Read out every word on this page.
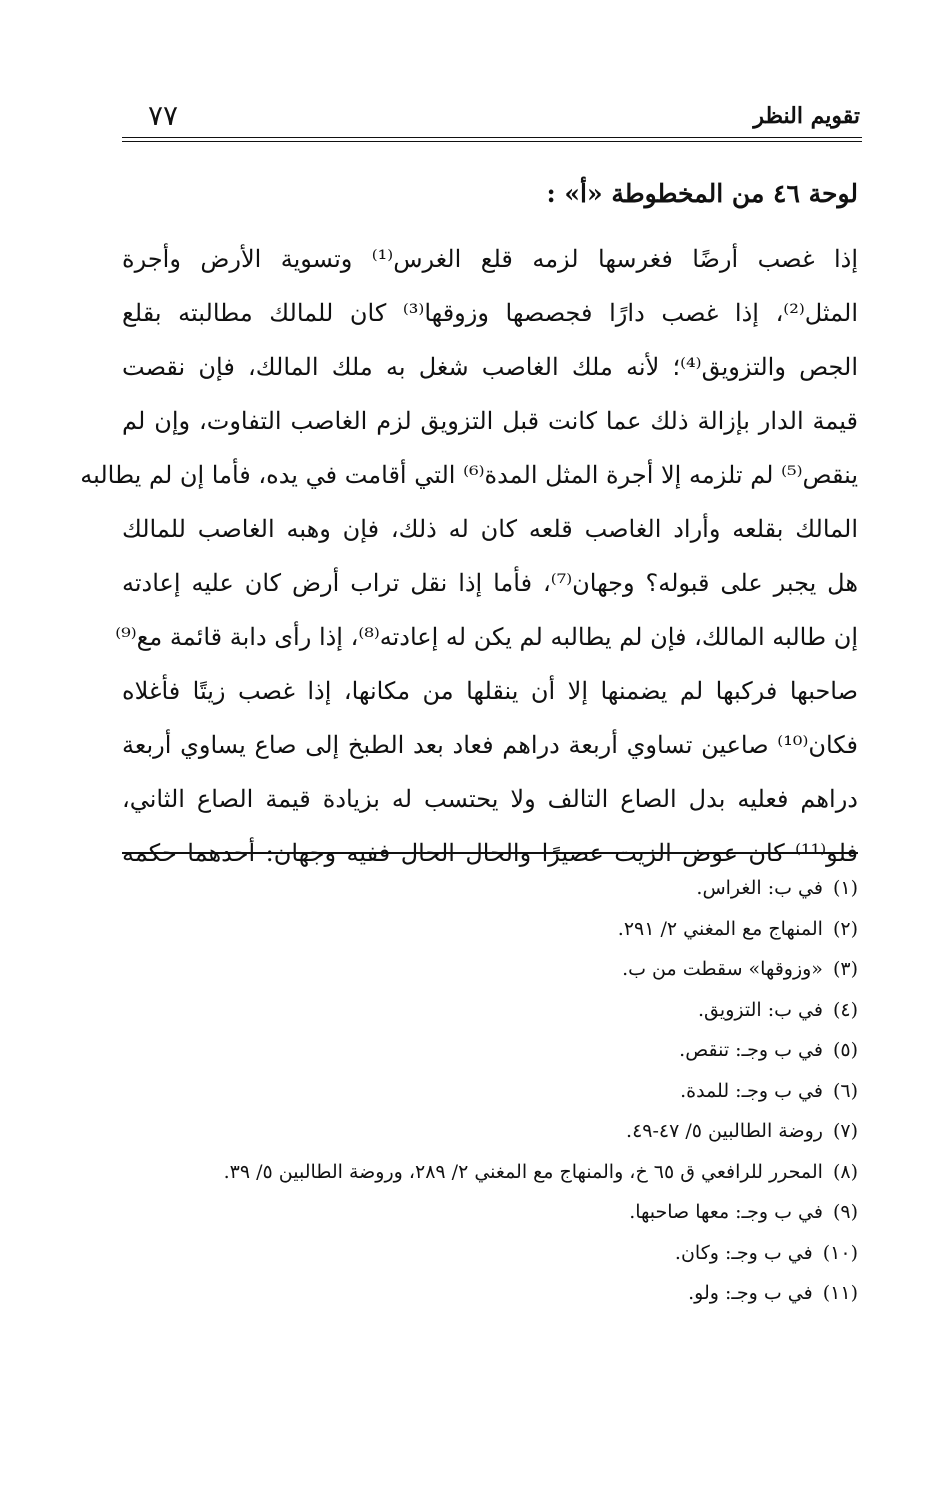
٧٧	تقويم النظر
لوحة ٤٦ من المخطوطة «أ» :
إذا غصب أرضًا فغرسها لزمه قلع الغرس⁽¹⁾ وتسوية الأرض وأجرة
المثل⁽²⁾، إذا غصب دارًا فجصصها وزوقها⁽³⁾ كان للمالك مطالبته بقلع
الجص والتزويق⁽⁴⁾؛ لأنه ملك الغاصب شغل به ملك المالك، فإن نقصت
قيمة الدار بإزالة ذلك عما كانت قبل التزويق لزم الغاصب التفاوت، وإن لم
ينقص⁽⁵⁾ لم تلزمه إلا أجرة المثل المدة⁽⁶⁾ التي أقامت في يده، فأما إن لم يطالبه
المالك بقلعه وأراد الغاصب قلعه كان له ذلك، فإن وهبه الغاصب للمالك
هل يجبر على قبوله؟ وجهان⁽⁷⁾، فأما إذا نقل تراب أرض كان عليه إعادته
إن طالبه المالك، فإن لم يطالبه لم يكن له إعادته⁽⁸⁾، إذا رأى دابة قائمة مع⁽⁹⁾
صاحبها فركبها لم يضمنها إلا أن ينقلها من مكانها، إذا غصب زيتًا فأغلاه
فكان⁽¹⁰⁾ صاعين تساوي أربعة دراهم فعاد بعد الطبخ إلى صاع يساوي أربعة
دراهم فعليه بدل الصاع التالف ولا يحتسب له بزيادة قيمة الصاع الثاني،
فلو⁽¹¹⁾ كان عوض الزيت عصيرًا والحال الحال ففيه وجهان: أحدهما حكمه
(١)في ب: الغراس.
(٢)المنهاج مع المغني ٢/ ٢٩١.
(٣)«وزوقها» سقطت من ب.
(٤)في ب: التزويق.
(٥)في ب وجـ: تنقص.
(٦)في ب وجـ: للمدة.
(٧)روضة الطالبين ٥/ ٤٧-٤٩.
(٨)المحرر للرافعي ق ٦٥ خ، والمنهاج مع المغني ٢/ ٢٨٩، وروضة الطالبين ٥/ ٣٩.
(٩)في ب وجـ: معها صاحبها.
(١٠)في ب وجـ: وكان.
(١١)في ب وجـ: ولو.
